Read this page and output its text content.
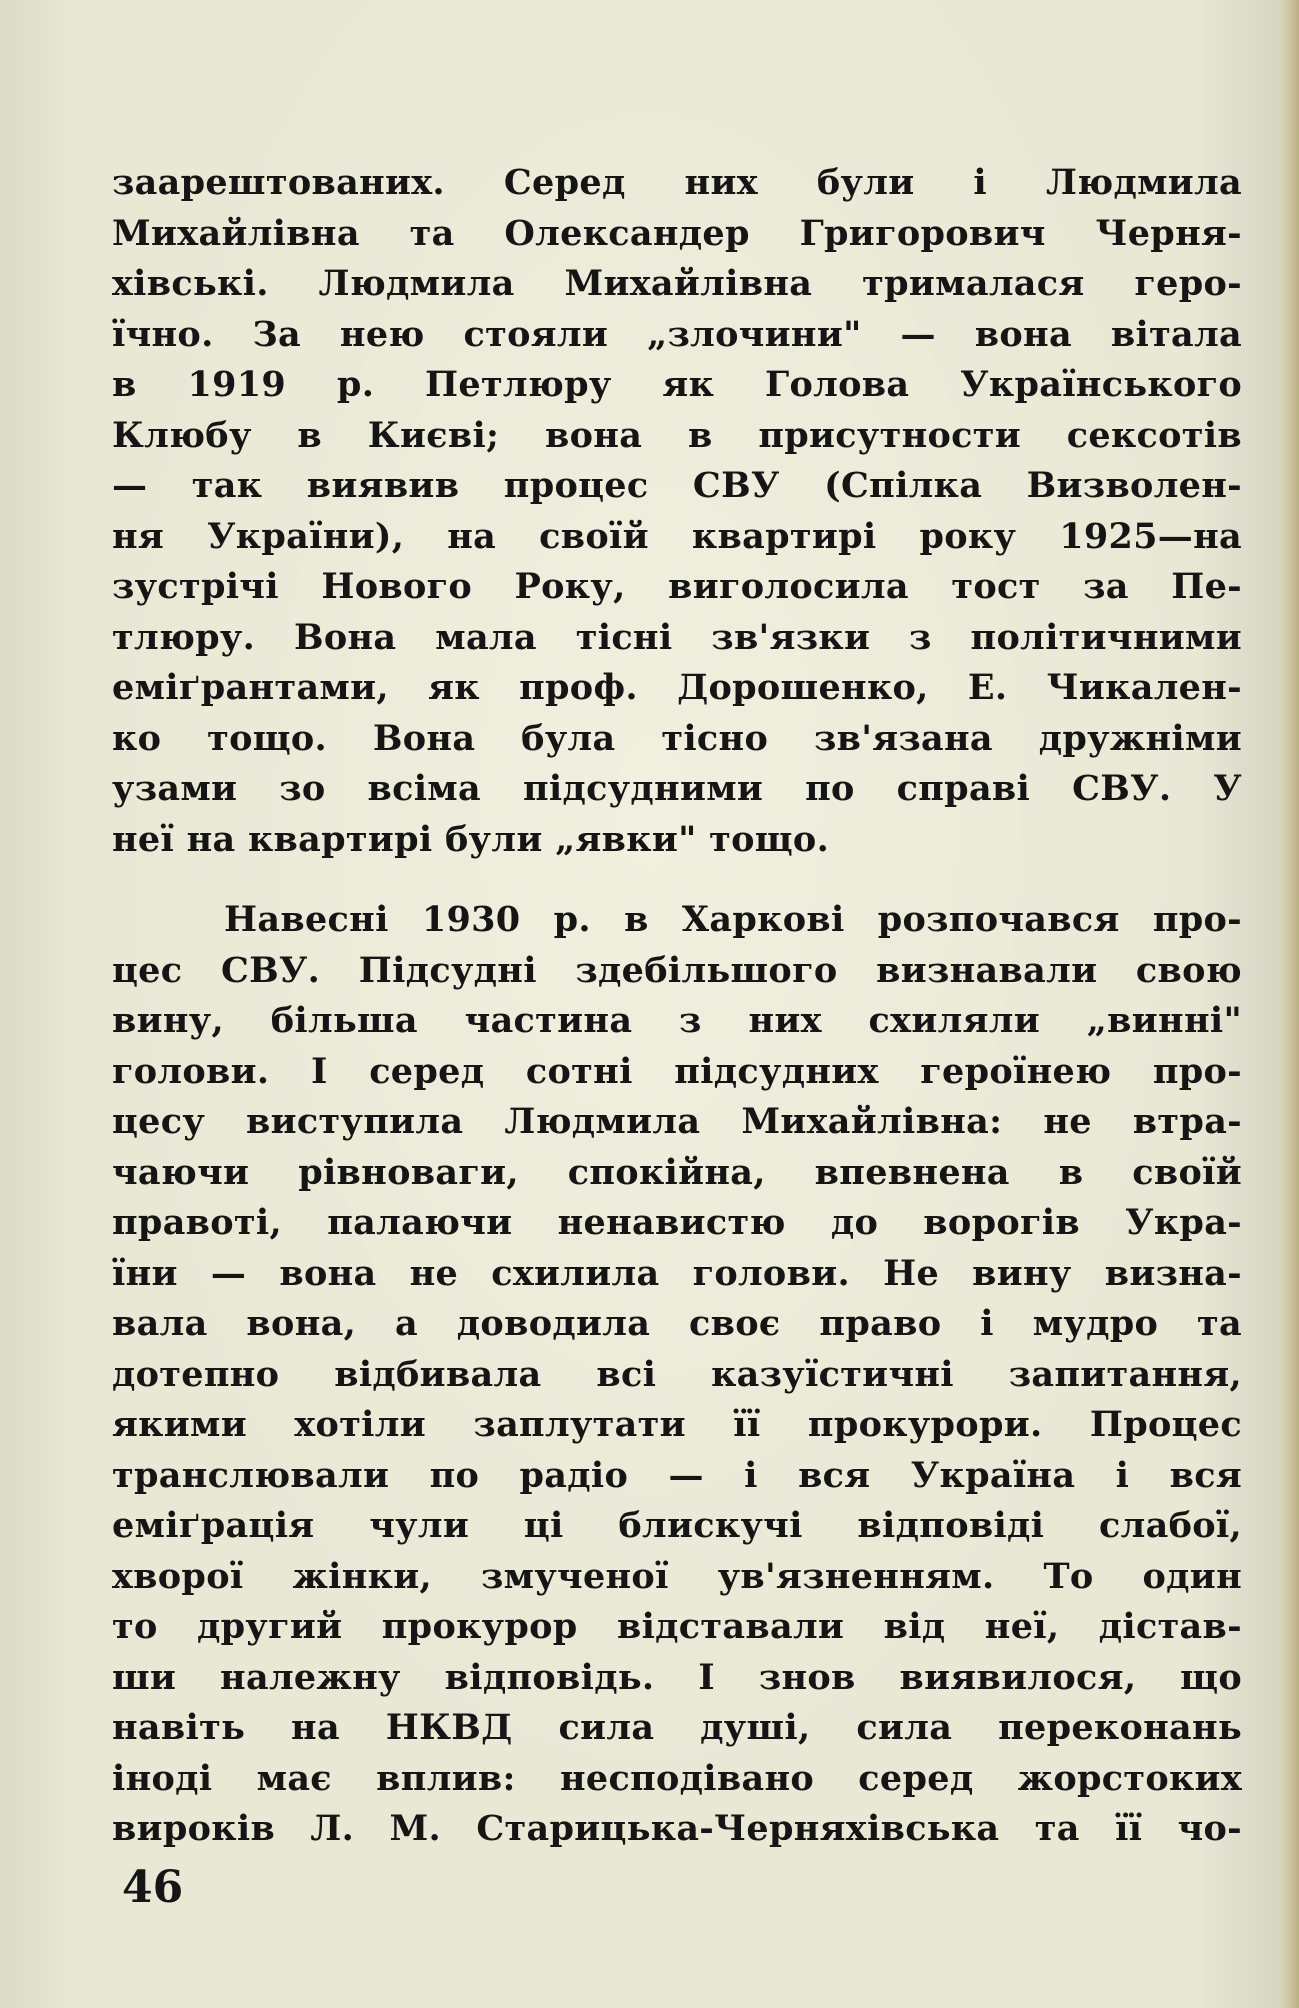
заарештованих. Серед них були і Людмила
Михайлівна та Олександер Григорович Черня-
хівські. Людмила Михайлівна трималася геро-
їчно. За нею стояли „злочини" — вона вітала
в 1919 р. Петлюру як Голова Українського
Клюбу в Києві; вона в присутности сексотів
— так виявив процес СВУ (Спілка Визволен-
ня України), на своїй квартирі року 1925—на
зустрічі Нового Року, виголосила тост за Пе-
тлюру. Вона мала тісні зв'язки з політичними
еміґрантами, як проф. Дорошенко, Е. Чикален-
ко тощо. Вона була тісно зв'язана дружніми
узами зо всіма підсудними по справі СВУ. У
неї на квартирі були „явки" тощо.
Навесні 1930 р. в Харкові розпочався про-
цес СВУ. Підсудні здебільшого визнавали свою
вину, більша частина з них схиляли „винні"
голови. І серед сотні підсудних героїнею про-
цесу виступила Людмила Михайлівна: не втра-
чаючи рівноваги, спокійна, впевнена в своїй
правоті, палаючи ненавистю до ворогів Укра-
їни — вона не схилила голови. Не вину визна-
вала вона, а доводила своє право і мудро та
дотепно відбивала всі казуїстичні запитання,
якими хотіли заплутати її прокурори. Процес
транслювали по радіо — і вся Україна і вся
еміґрація чули ці блискучі відповіді слабої,
хворої жінки, змученої ув'язненням. То один
то другий прокурор відставали від неї, дістав-
ши належну відповідь. І знов виявилося, що
навіть на НКВД сила душі, сила переконань
іноді має вплив: несподівано серед жорстоких
вироків Л. М. Старицька-Черняхівська та її чо-
46
